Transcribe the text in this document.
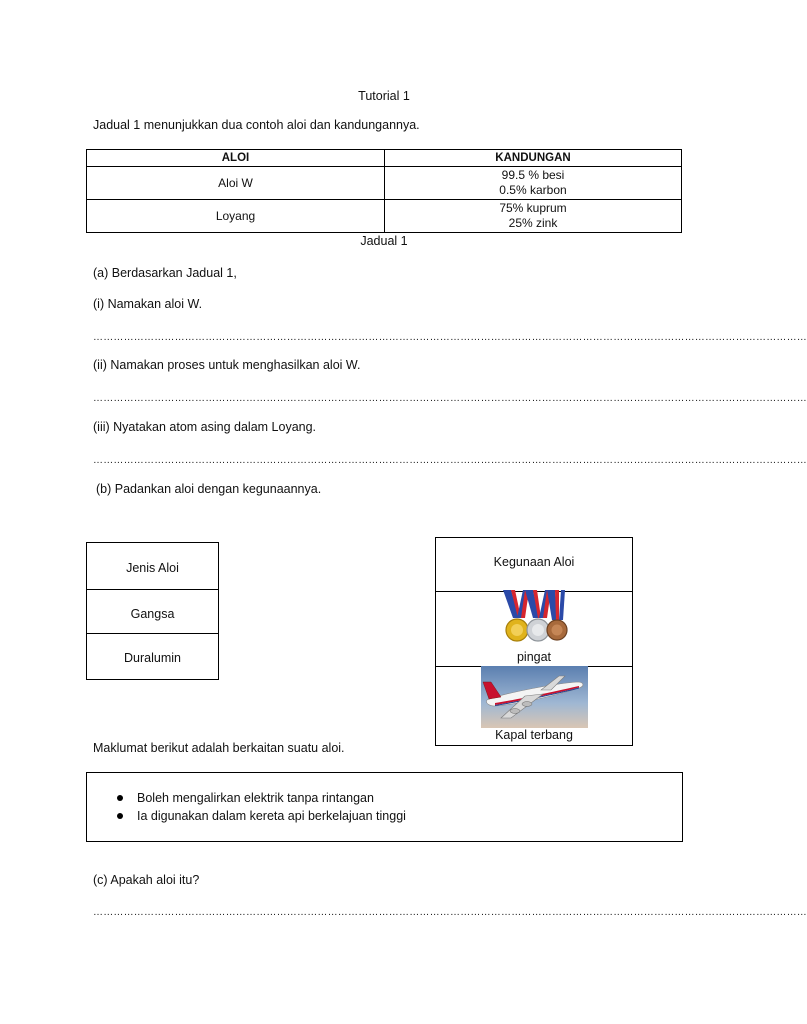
Tutorial 1
Jadual 1 menunjukkan dua contoh aloi dan kandungannya.
ALOI	KANDUNGAN
Aloi W	99.5 % besi
0.5% karbon

Loyang	75% kuprum
25% zink
Jadual 1
(a) Berdasarkan Jadual 1,
(i) Namakan aloi W.
…………………………………………………………………………………………………………………………………………………………………………………………
(ii) Namakan proses untuk menghasilkan aloi W.
…………………………………………………………………………………………………………………………………………………………………………………………
(iii) Nyatakan atom asing dalam Loyang.
…………………………………………………………………………………………………………………………………………………………………………………………
(b) Padankan aloi dengan kegunaannya.
Jenis Aloi
Gangsa
Duralumin
Kegunaan Aloi
pingat
Kapal terbang
Maklumat berikut adalah berkaitan suatu aloi.
Boleh mengalirkan elektrik tanpa rintangan
Ia digunakan dalam kereta api berkelajuan tinggi
(c) Apakah aloi itu?
…………………………………………………………………………………………………………………………………………………………………………………………
